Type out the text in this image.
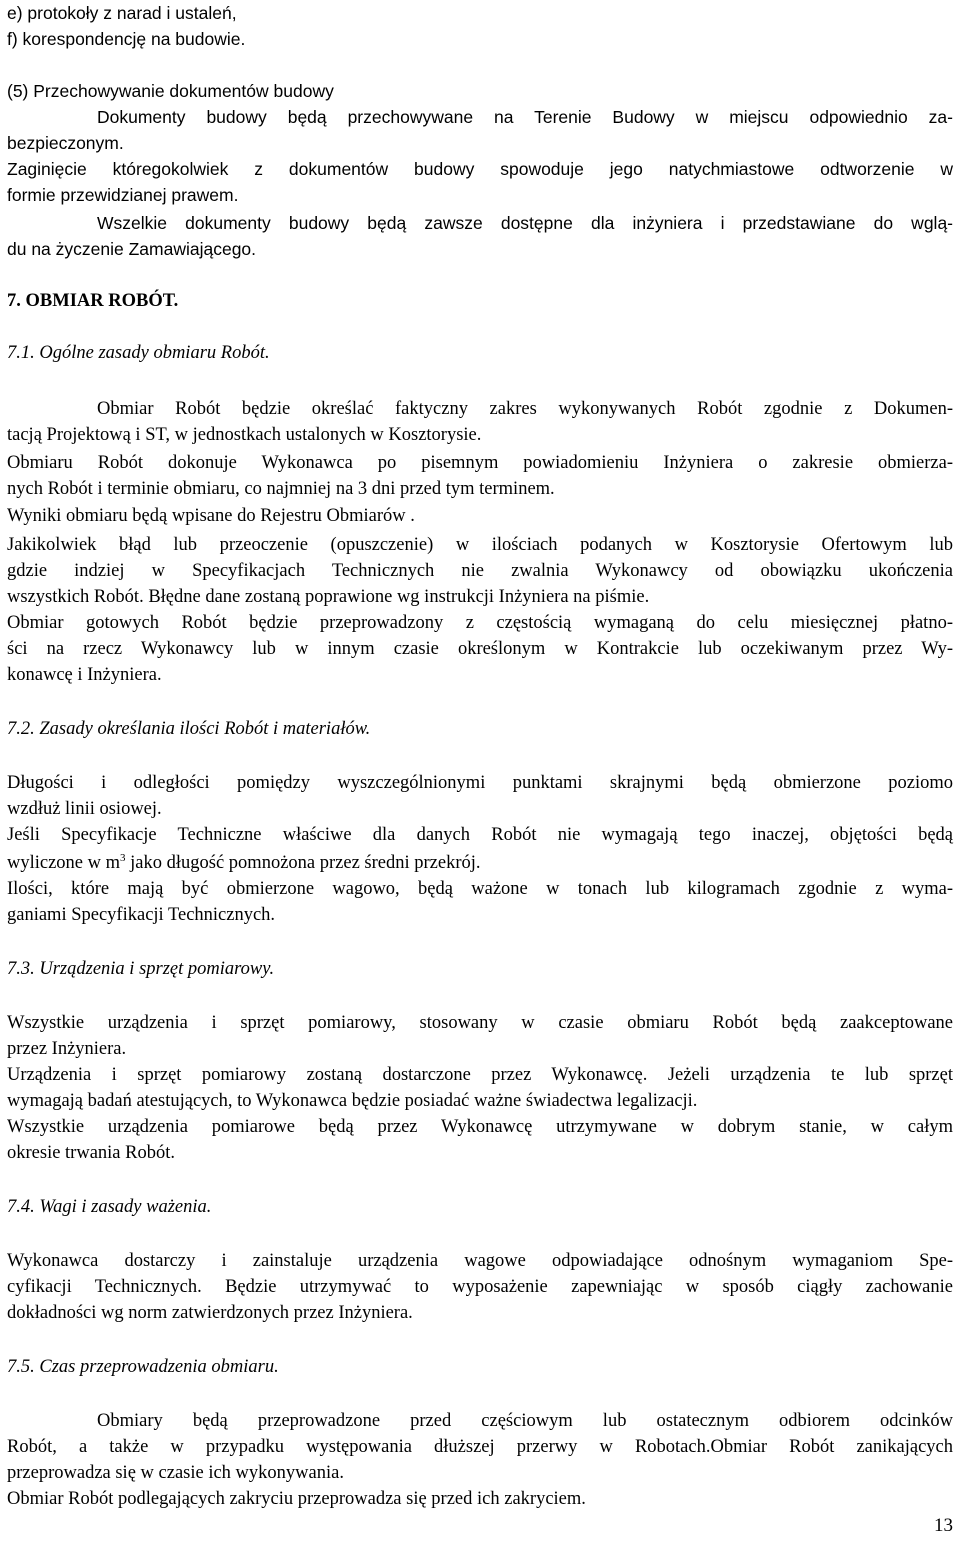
e) protokoły z narad i ustaleń,
f) korespondencję na budowie.
(5) Przechowywanie dokumentów budowy
Dokumenty budowy będą przechowywane na Terenie Budowy w miejscu odpowiednio za-
bezpieczonym.
Zaginięcie któregokolwiek z dokumentów budowy spowoduje jego natychmiastowe odtworzenie w
formie przewidzianej prawem.
Wszelkie dokumenty budowy będą zawsze dostępne dla inżyniera i przedstawiane do wglą-
du na życzenie Zamawiającego.
7. OBMIAR ROBÓT.
7.1. Ogólne zasady obmiaru Robót.
Obmiar Robót będzie określać faktyczny zakres wykonywanych Robót zgodnie z Dokumen-
tacją Projektową i ST, w jednostkach ustalonych w Kosztorysie.
Obmiaru Robót dokonuje Wykonawca po pisemnym powiadomieniu Inżyniera o zakresie obmierza-
nych Robót i terminie obmiaru, co najmniej na 3 dni przed tym terminem.
Wyniki obmiaru będą wpisane do Rejestru Obmiarów .
Jakikolwiek błąd lub przeoczenie (opuszczenie) w ilościach podanych w Kosztorysie Ofertowym lub
gdzie indziej w Specyfikacjach Technicznych nie zwalnia Wykonawcy od obowiązku ukończenia
wszystkich Robót. Błędne dane zostaną poprawione wg instrukcji Inżyniera na piśmie.
Obmiar gotowych Robót będzie przeprowadzony z częstością wymaganą do celu miesięcznej płatno-
ści na rzecz Wykonawcy lub w innym czasie określonym w Kontrakcie lub oczekiwanym przez Wy-
konawcę i Inżyniera.
7.2. Zasady określania ilości Robót i materiałów.
Długości i odległości pomiędzy wyszczególnionymi punktami skrajnymi będą obmierzone poziomo
wzdłuż linii osiowej.
Jeśli Specyfikacje Techniczne właściwe dla danych Robót nie wymagają tego inaczej, objętości będą
wyliczone w $m^3$ jako długość pomnożona przez średni przekrój.
Ilości, które mają być obmierzone wagowo, będą ważone w tonach lub kilogramach zgodnie z wyma-
ganiami Specyfikacji Technicznych.
7.3. Urządzenia i sprzęt pomiarowy.
Wszystkie urządzenia i sprzęt pomiarowy, stosowany w czasie obmiaru Robót będą zaakceptowane
przez Inżyniera.
Urządzenia i sprzęt pomiarowy zostaną dostarczone przez Wykonawcę. Jeżeli urządzenia te lub sprzęt
wymagają badań atestujących, to Wykonawca będzie posiadać ważne świadectwa legalizacji.
Wszystkie urządzenia pomiarowe będą przez Wykonawcę utrzymywane w dobrym stanie, w całym
okresie trwania Robót.
7.4. Wagi i zasady ważenia.
Wykonawca dostarczy i zainstaluje urządzenia wagowe odpowiadające odnośnym wymaganiom Spe-
cyfikacji Technicznych. Będzie utrzymywać to wyposażenie zapewniając w sposób ciągły zachowanie
dokładności wg norm zatwierdzonych przez Inżyniera.
7.5. Czas przeprowadzenia obmiaru.
Obmiary będą przeprowadzone przed częściowym lub ostatecznym odbiorem odcinków
Robót, a także w przypadku występowania dłuższej przerwy w Robotach.Obmiar Robót zanikających
przeprowadza się w czasie ich wykonywania.
Obmiar Robót podlegających zakryciu przeprowadza się przed ich zakryciem.
13
